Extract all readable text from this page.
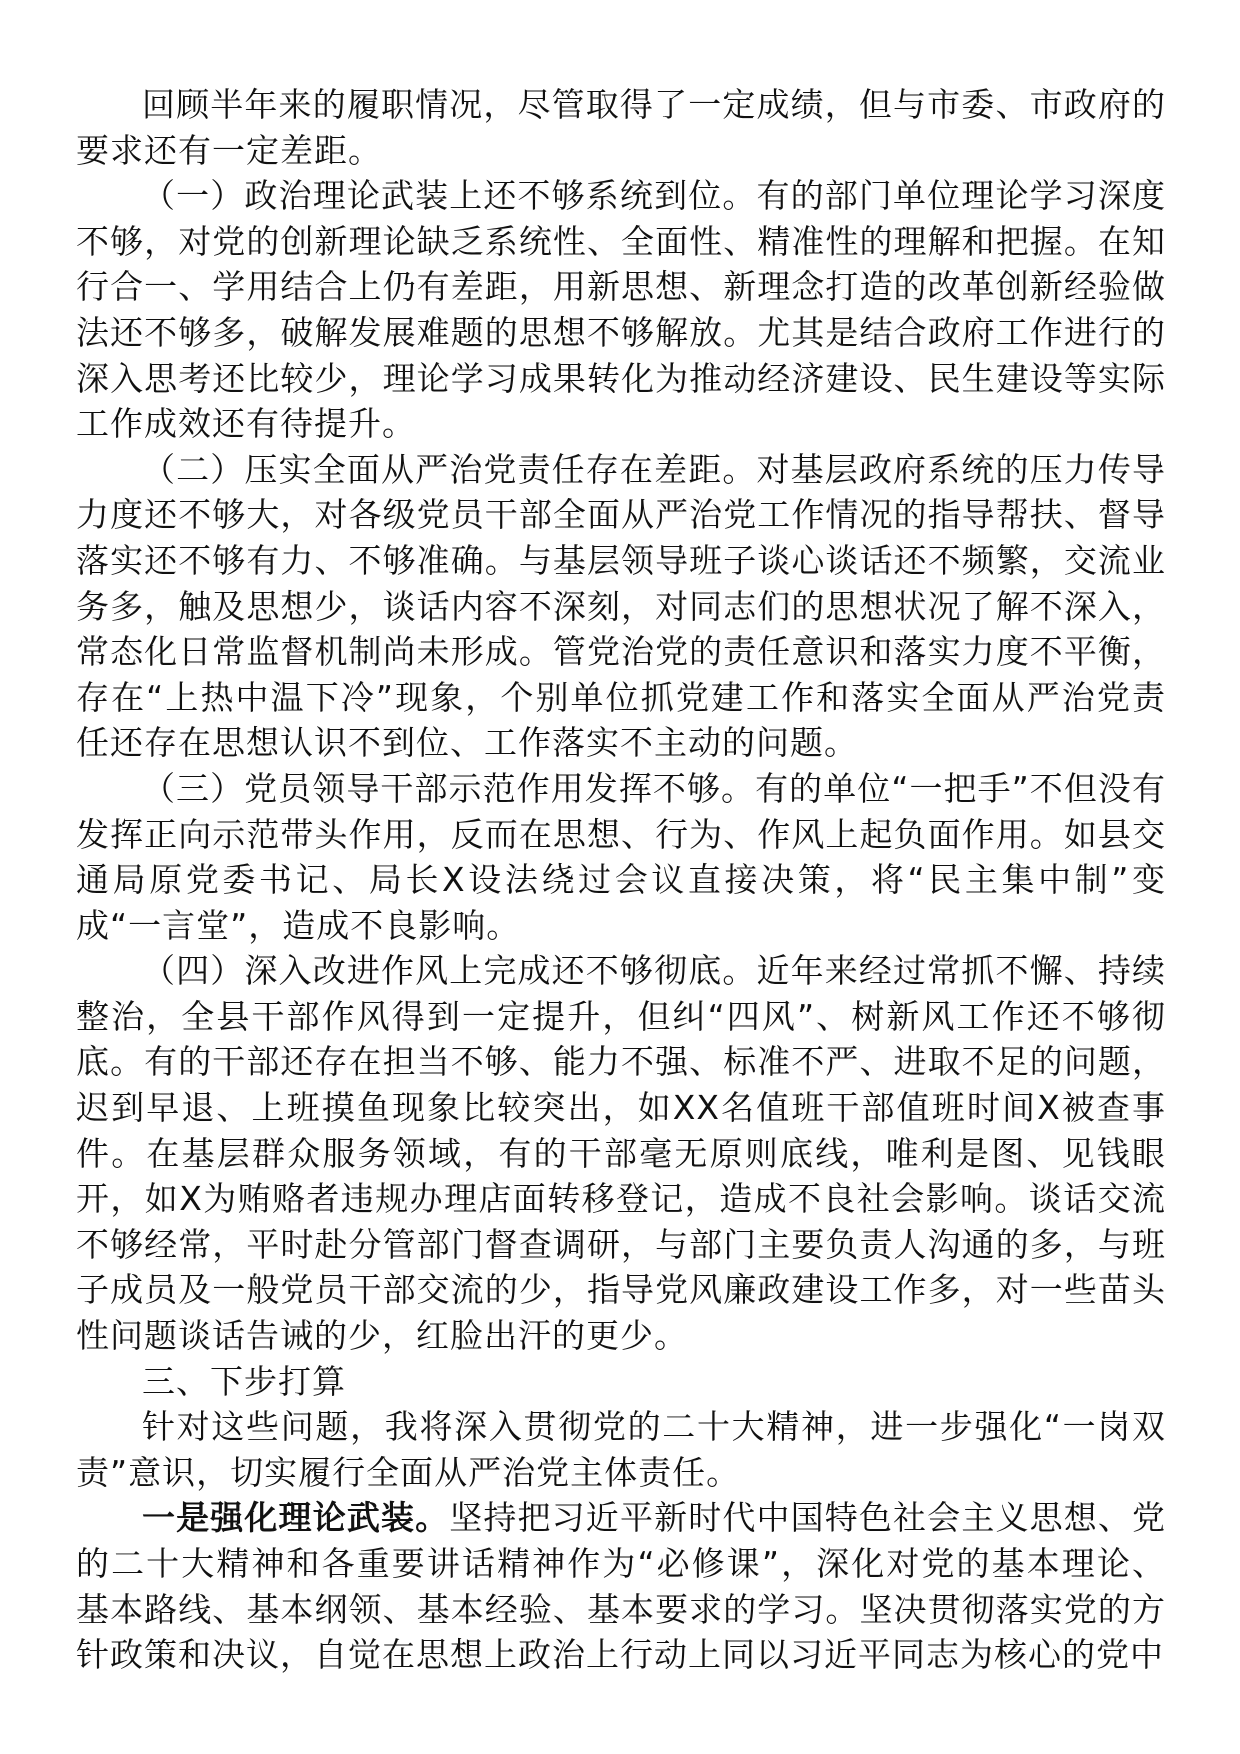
回顾半年来的履职情况，尽管取得了一定成绩，但与市委、市政府的要求还有一定差距。

（一）政治理论武装上还不够系统到位。有的部门单位理论学习深度不够，对党的创新理论缺乏系统性、全面性、精准性的理解和把握。在知行合一、学用结合上仍有差距，用新思想、新理念打造的改革创新经验做法还不够多，破解发展难题的思想不够解放。尤其是结合政府工作进行的深入思考还比较少，理论学习成果转化为推动经济建设、民生建设等实际工作成效还有待提升。

（二）压实全面从严治党责任存在差距。对基层政府系统的压力传导力度还不够大，对各级党员干部全面从严治党工作情况的指导帮扶、督导落实还不够有力、不够准确。与基层领导班子谈心谈话还不频繁，交流业务多，触及思想少，谈话内容不深刻，对同志们的思想状况了解不深入，常态化日常监督机制尚未形成。管党治党的责任意识和落实力度不平衡，存在“上热中温下冷”现象，个别单位抓党建工作和落实全面从严治党责任还存在思想认识不到位、工作落实不主动的问题。

（三）党员领导干部示范作用发挥不够。有的单位“一把手”不但没有发挥正向示范带头作用，反而在思想、行为、作风上起负面作用。如县交通局原党委书记、局长X设法绕过会议直接决策，将“民主集中制”变成“一言堂”，造成不良影响。

（四）深入改进作风上完成还不够彻底。近年来经过常抓不懈、持续整治，全县干部作风得到一定提升，但纠“四风”、树新风工作还不够彻底。有的干部还存在担当不够、能力不强、标准不严、进取不足的问题，迟到早退、上班摸鱼现象比较突出，如XX名值班干部值班时间X被查事件。在基层群众服务领域，有的干部毫无原则底线，唯利是图、见钱眼开，如X为贿赂者违规办理店面转移登记，造成不良社会影响。谈话交流不够经常，平时赴分管部门督查调研，与部门主要负责人沟通的多，与班子成员及一般党员干部交流的少，指导党风廉政建设工作多，对一些苗头性问题谈话告诫的少，红脸出汗的更少。

三、下步打算

针对这些问题，我将深入贯彻党的二十大精神，进一步强化“一岗双责”意识，切实履行全面从严治党主体责任。

一是强化理论武装。坚持把习近平新时代中国特色社会主义思想、党的二十大精神和各重要讲话精神作为“必修课”，深化对党的基本理论、基本路线、基本纲领、基本经验、基本要求的学习。坚决贯彻落实党的方针政策和决议，自觉在思想上政治上行动上同以习近平同志为核心的党中
